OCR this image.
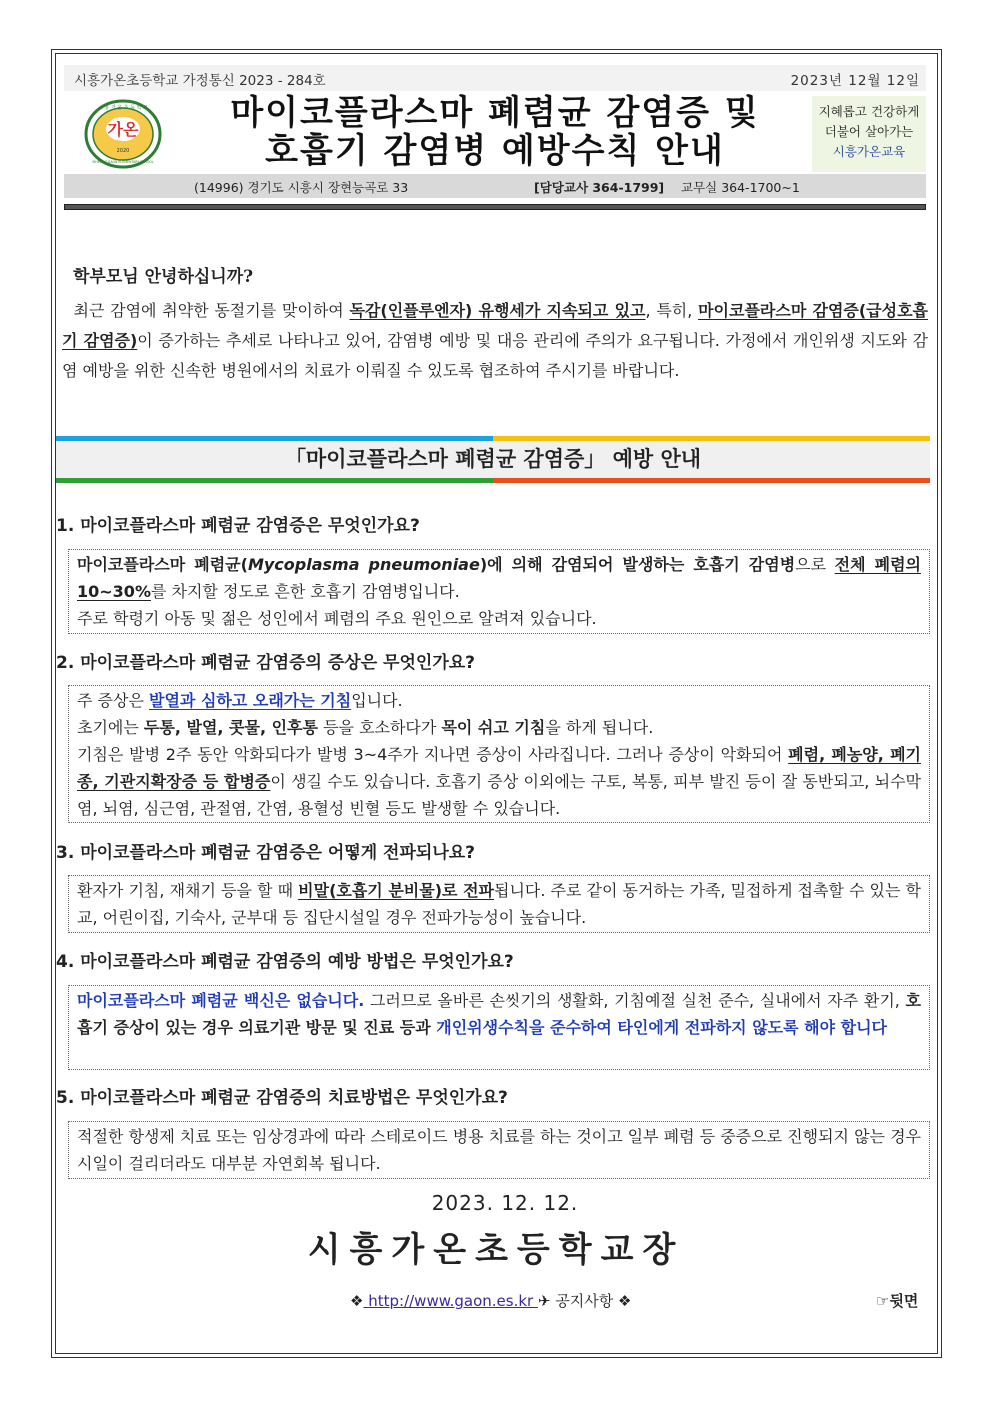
시흥가온초등학교 가정통신 2023 - 284호	2023년 12월 12일
가온
시 흥 가 온 초 등 학 교
SIHEUNG GAON ELEMENTARY SCHOOL
2020
마이코플라스마 폐렴균 감염증 및
호흡기 감염병 예방수칙 안내
지혜롭고 건강하게
더불어 살아가는
시흥가온교육
(14996) 경기도 시흥시 장현능곡로 33	[담당교사 364-1799] 교무실 364-1700~1
학부모님 안녕하십니까?
최근 감염에 취약한 동절기를 맞이하여 독감(인플루엔자) 유행세가 지속되고 있고, 특히, 마이코플라스마 감염증(급성호흡기 감염증)이 증가하는 추세로 나타나고 있어, 감염병 예방 및 대응 관리에 주의가 요구됩니다. 가정에서 개인위생 지도와 감염 예방을 위한 신속한 병원에서의 치료가 이뤄질 수 있도록 협조하여 주시기를 바랍니다.
「마이코플라스마 폐렴균 감염증」 예방 안내
1. 마이코플라스마 폐렴균 감염증은 무엇인가요?
마이코플라스마 폐렴균(Mycoplasma pneumoniae)에 의해 감염되어 발생하는 호흡기 감염병으로 전체 폐렴의 10~30%를 차지할 정도로 흔한 호흡기 감염병입니다.
주로 학령기 아동 및 젊은 성인에서 폐렴의 주요 원인으로 알려져 있습니다.
2. 마이코플라스마 폐렴균 감염증의 증상은 무엇인가요?
주 증상은 발열과 심하고 오래가는 기침입니다.
초기에는 두통, 발열, 콧물, 인후통 등을 호소하다가 목이 쉬고 기침을 하게 됩니다.
기침은 발병 2주 동안 악화되다가 발병 3~4주가 지나면 증상이 사라집니다. 그러나 증상이 악화되어 폐렴, 폐농양, 폐기종, 기관지확장증 등 합병증이 생길 수도 있습니다. 호흡기 증상 이외에는 구토, 복통, 피부 발진 등이 잘 동반되고, 뇌수막염, 뇌염, 심근염, 관절염, 간염, 용혈성 빈혈 등도 발생할 수 있습니다.
3. 마이코플라스마 폐렴균 감염증은 어떻게 전파되나요?
환자가 기침, 재채기 등을 할 때 비말(호흡기 분비물)로 전파됩니다. 주로 같이 동거하는 가족, 밀접하게 접촉할 수 있는 학교, 어린이집, 기숙사, 군부대 등 집단시설일 경우 전파가능성이 높습니다.
4. 마이코플라스마 폐렴균 감염증의 예방 방법은 무엇인가요?
마이코플라스마 폐렴균 백신은 없습니다. 그러므로 올바른 손씻기의 생활화, 기침예절 실천 준수, 실내에서 자주 환기, 호흡기 증상이 있는 경우 의료기관 방문 및 진료 등과 개인위생수칙을 준수하여 타인에게 전파하지 않도록 해야 합니다
5. 마이코플라스마 폐렴균 감염증의 치료방법은 무엇인가요?
적절한 항생제 치료 또는 임상경과에 따라 스테로이드 병용 치료를 하는 것이고 일부 폐렴 등 중증으로 진행되지 않는 경우 시일이 걸리더라도 대부분 자연회복 됩니다.
2023. 12. 12.
시흥가온초등학교장
❖ http://www.gaon.es.kr ✈ 공지사항 ❖	☞뒷면
